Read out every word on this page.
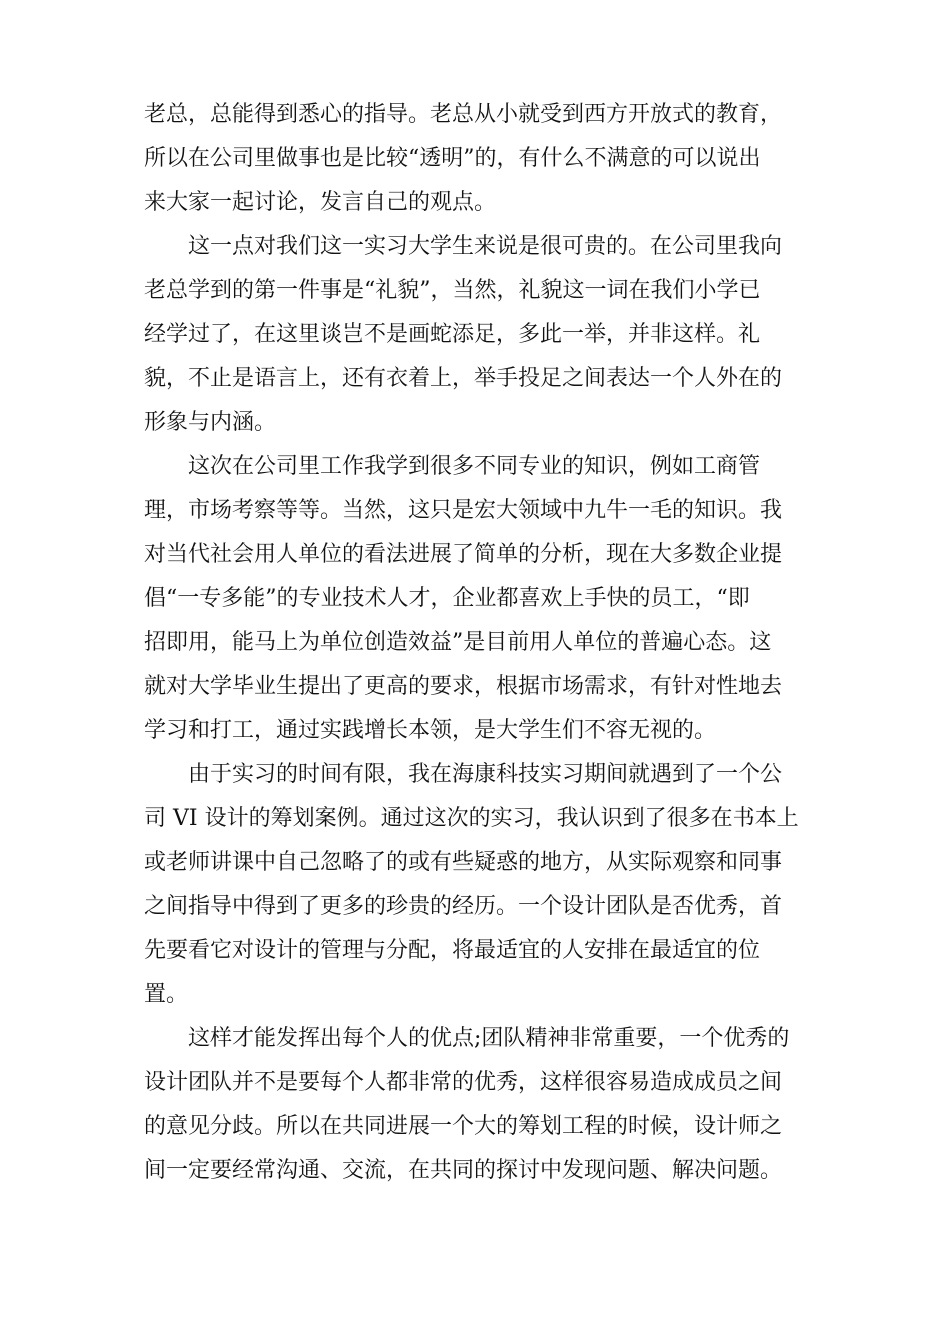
老总，总能得到悉心的指导。老总从小就受到西方开放式的教育，
所以在公司里做事也是比较“透明”的，有什么不满意的可以说出
来大家一起讨论，发言自己的观点。
　　这一点对我们这一实习大学生来说是很可贵的。在公司里我向
老总学到的第一件事是“礼貌”，当然，礼貌这一词在我们小学已
经学过了，在这里谈岂不是画蛇添足，多此一举，并非这样。礼
貌，不止是语言上，还有衣着上，举手投足之间表达一个人外在的
形象与内涵。
　　这次在公司里工作我学到很多不同专业的知识，例如工商管
理，市场考察等等。当然，这只是宏大领域中九牛一毛的知识。我
对当代社会用人单位的看法进展了简单的分析，现在大多数企业提
倡“一专多能”的专业技术人才，企业都喜欢上手快的员工，“即
招即用，能马上为单位创造效益”是目前用人单位的普遍心态。这
就对大学毕业生提出了更高的要求，根据市场需求，有针对性地去
学习和打工，通过实践增长本领，是大学生们不容无视的。
　　由于实习的时间有限，我在海康科技实习期间就遇到了一个公
司 VI 设计的筹划案例。通过这次的实习，我认识到了很多在书本上
或老师讲课中自己忽略了的或有些疑惑的地方，从实际观察和同事
之间指导中得到了更多的珍贵的经历。一个设计团队是否优秀，首
先要看它对设计的管理与分配，将最适宜的人安排在最适宜的位
置。
　　这样才能发挥出每个人的优点;团队精神非常重要，一个优秀的
设计团队并不是要每个人都非常的优秀，这样很容易造成成员之间
的意见分歧。所以在共同进展一个大的筹划工程的时候，设计师之
间一定要经常沟通、交流，在共同的探讨中发现问题、解决问题。
